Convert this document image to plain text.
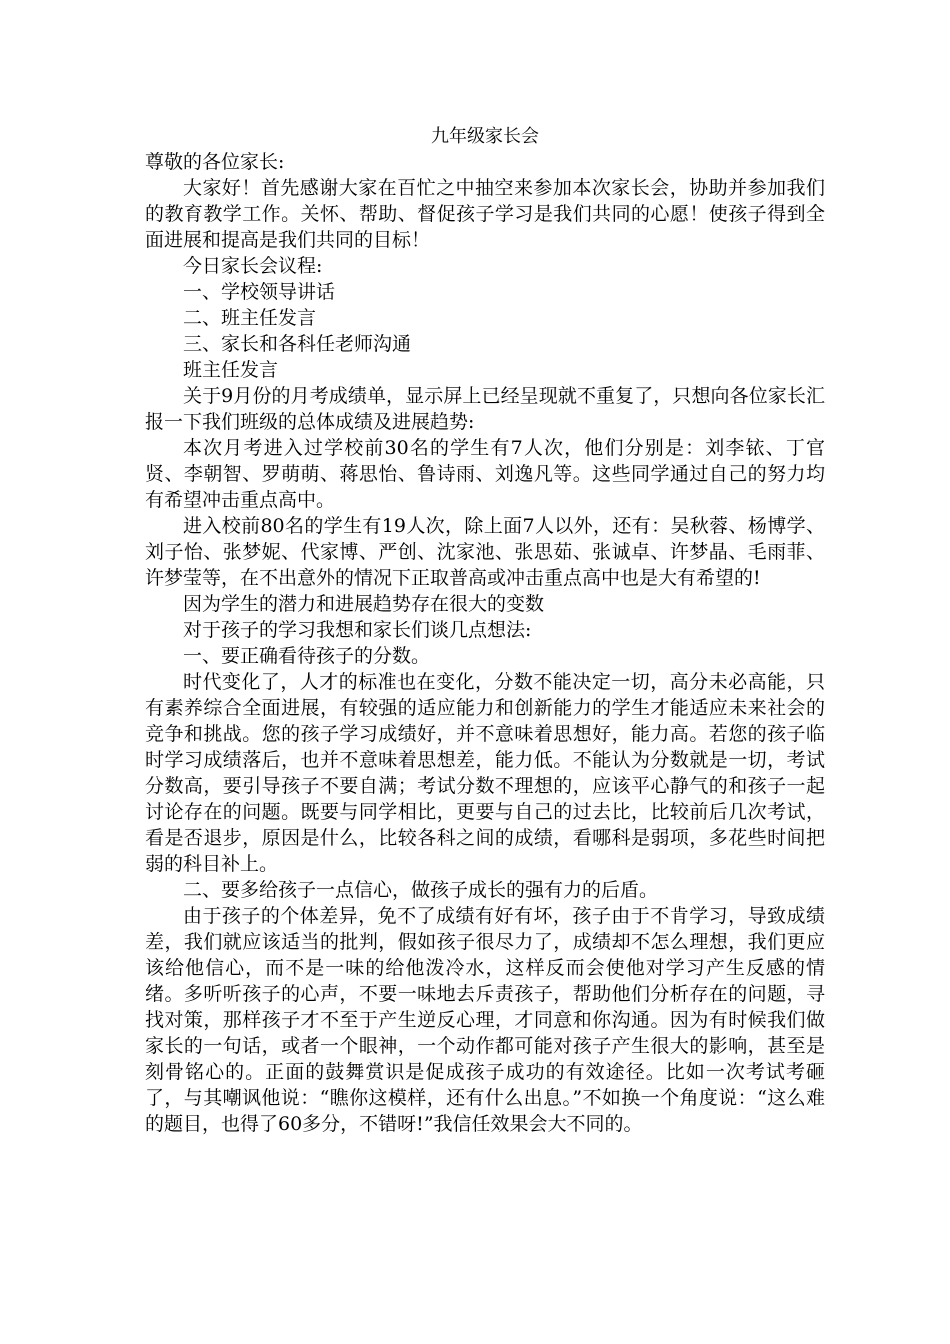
九年级家长会

尊敬的各位家长:

大家好！首先感谢大家在百忙之中抽空来参加本次家长会，协助并参加我们的教育教学工作。关怀、帮助、督促孩子学习是我们共同的心愿！使孩子得到全面进展和提高是我们共同的目标！

今日家长会议程:

一、学校领导讲话

二、班主任发言

三、家长和各科任老师沟通

班主任发言

关于9月份的月考成绩单，显示屏上已经呈现就不重复了，只想向各位家长汇报一下我们班级的总体成绩及进展趋势:

本次月考进入过学校前30名的学生有7人次，他们分别是：刘李铱、丁官贤、李朝智、罗萌萌、蒋思怡、鲁诗雨、刘逸凡等。这些同学通过自己的努力均有希望冲击重点高中。

进入校前80名的学生有19人次，除上面7人以外，还有：吴秋蓉、杨博学、刘子怡、张梦妮、代家博、严创、沈家池、张思茹、张诚卓、许梦晶、毛雨菲、许梦莹等，在不出意外的情况下正取普高或冲击重点高中也是大有希望的!

因为学生的潜力和进展趋势存在很大的变数

对于孩子的学习我想和家长们谈几点想法:

一、要正确看待孩子的分数。

时代变化了，人才的标准也在变化，分数不能决定一切，高分未必高能，只有素养综合全面进展，有较强的适应能力和创新能力的学生才能适应未来社会的竞争和挑战。您的孩子学习成绩好，并不意味着思想好，能力高。若您的孩子临时学习成绩落后，也并不意味着思想差，能力低。不能认为分数就是一切，考试分数高，要引导孩子不要自满；考试分数不理想的，应该平心静气的和孩子一起讨论存在的问题。既要与同学相比，更要与自己的过去比，比较前后几次考试，看是否退步，原因是什么，比较各科之间的成绩，看哪科是弱项，多花些时间把弱的科目补上。

二、要多给孩子一点信心，做孩子成长的强有力的后盾。

由于孩子的个体差异，免不了成绩有好有坏，孩子由于不肯学习，导致成绩差，我们就应该适当的批判，假如孩子很尽力了，成绩却不怎么理想，我们更应该给他信心，而不是一味的给他泼冷水，这样反而会使他对学习产生反感的情绪。多听听孩子的心声，不要一味地去斥责孩子，帮助他们分析存在的问题，寻找对策，那样孩子才不至于产生逆反心理，才同意和你沟通。因为有时候我们做家长的一句话，或者一个眼神，一个动作都可能对孩子产生很大的影响，甚至是刻骨铭心的。正面的鼓舞赏识是促成孩子成功的有效途径。比如一次考试考砸了，与其嘲讽他说：“瞧你这模样，还有什么出息。”不如换一个角度说：“这么难的题目，也得了60多分，不错呀!”我信任效果会大不同的。
